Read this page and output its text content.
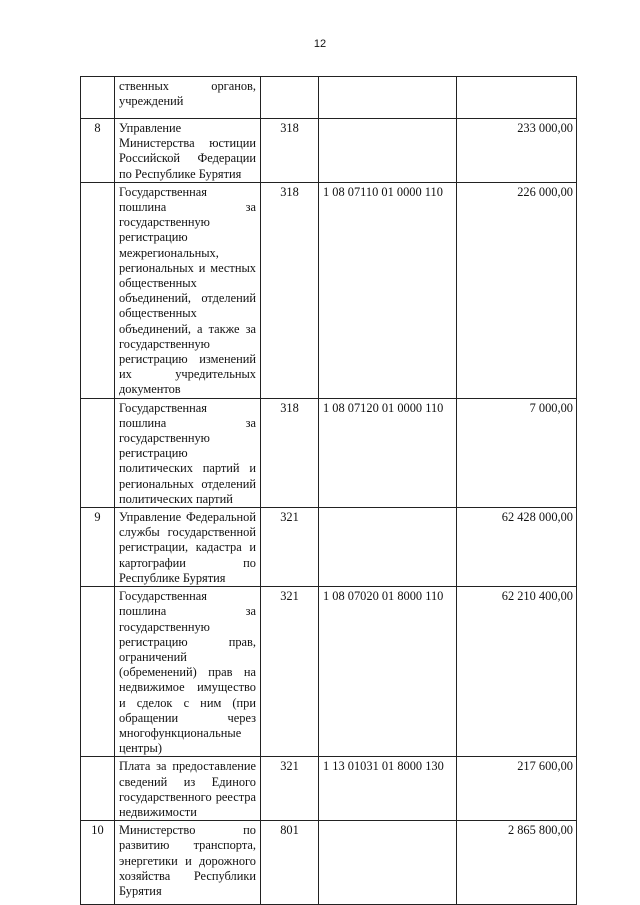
12
	ственных органов, учреждений			
8	Управление Министерства юстиции Российской Федерации по Республике Бурятия	318		233 000,00
	Государственная пошлина за государственную регистрацию межрегиональных, региональных и местных общественных объединений, отделений общественных объединений, а также за государственную регистрацию изменений их учредительных документов	318	1 08 07110 01 0000 110	226 000,00
	Государственная пошлина за государственную регистрацию политических партий и региональных отделений политических партий	318	1 08 07120 01 0000 110	7 000,00
9	Управление Федеральной службы государственной регистрации, кадастра и картографии по Республике Бурятия	321		62 428 000,00
	Государственная пошлина за государственную регистрацию прав, ограничений (обременений) прав на недвижимое имущество и сделок с ним (при обращении через многофункциональные центры)	321	1 08 07020 01 8000 110	62 210 400,00
	Плата за предоставление сведений из Единого государственного реестра недвижимости	321	1 13 01031 01 8000 130	217 600,00
10	Министерство по развитию транспорта, энергетики и дорожного хозяйства Республики Бурятия	801		2 865 800,00
